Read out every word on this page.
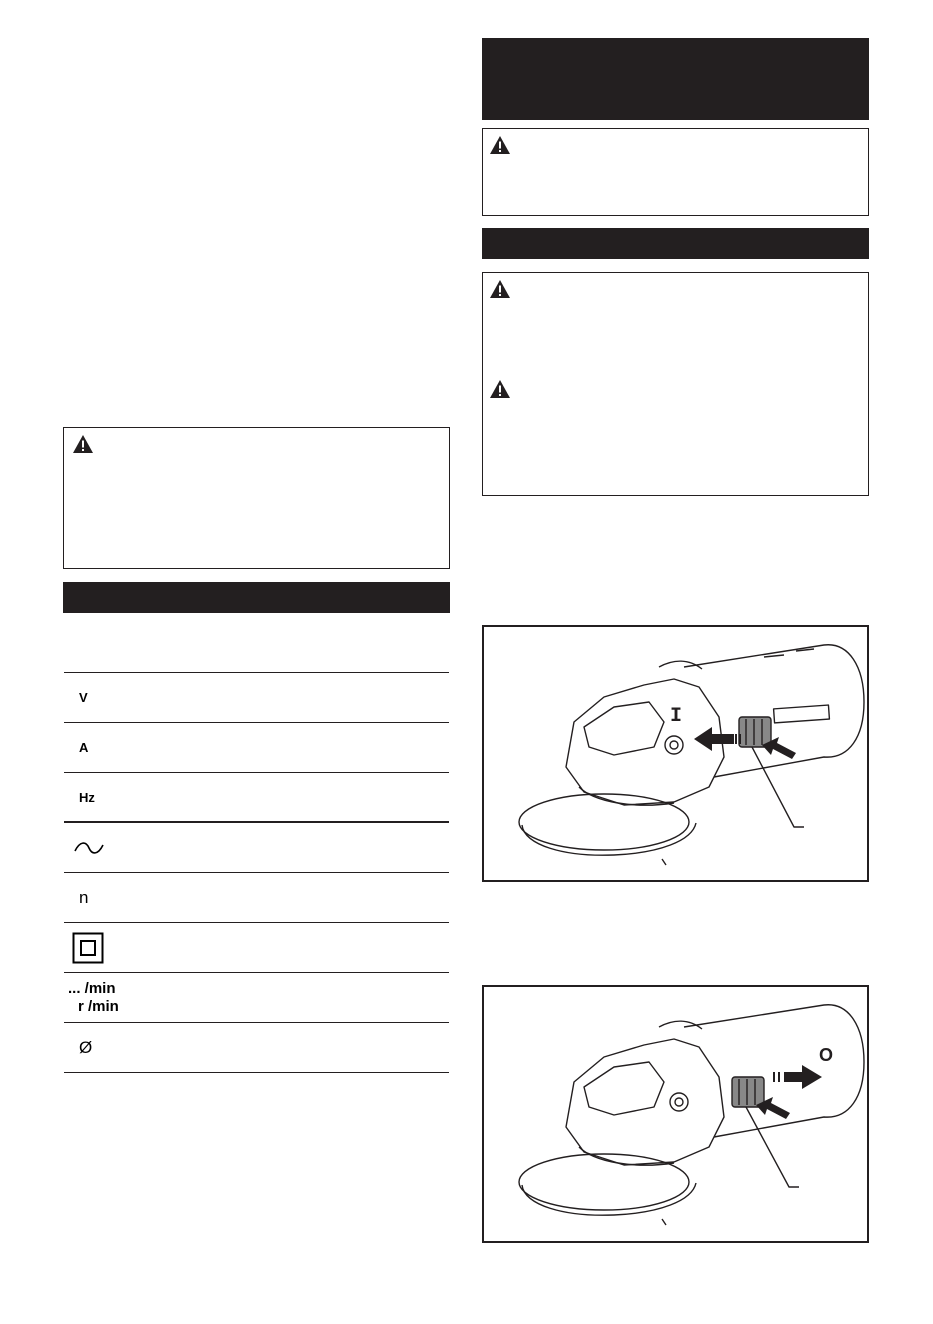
V
A
Hz
n
... /min
r /min
Ø
I
O
